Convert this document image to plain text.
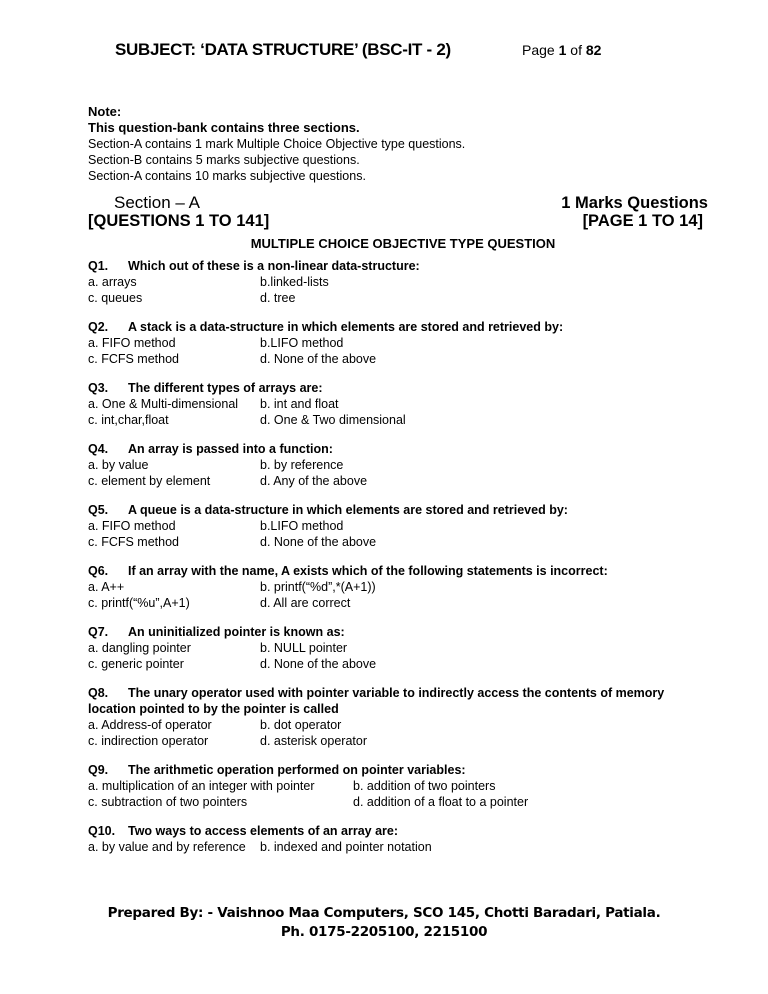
SUBJECT: ‘DATA STRUCTURE’ (BSC-IT - 2)	Page 1 of 82
Note:
This question-bank contains three sections.
Section-A contains 1 mark Multiple Choice Objective type questions.
Section-B contains 5 marks subjective questions.
Section-A contains 10 marks subjective questions.
Section – A
[QUESTIONS 1 TO 141]
1 Marks Questions
[PAGE 1 TO 14]
MULTIPLE CHOICE OBJECTIVE TYPE QUESTION
Q1. Which out of these is a non-linear data-structure:
a. arrays	b.linked-lists
c. queues	d. tree
Q2. A stack is a data-structure in which elements are stored and retrieved by:
a. FIFO method	b.LIFO method
c. FCFS method	d. None of the above
Q3. The different types of arrays are:
a. One & Multi-dimensional	b. int and float
c. int,char,float	d. One & Two dimensional
Q4. An array is passed into a function:
a. by value	b. by reference
c. element by element	d. Any of the above
Q5. A queue is a data-structure in which elements are stored and retrieved by:
a. FIFO method	b.LIFO method
c. FCFS method	d. None of the above
Q6. If an array with the name, A exists which of the following statements is incorrect:
a. A++	b. printf(“%d”,*(A+1))
c. printf(“%u”,A+1)	d. All are correct
Q7. An uninitialized pointer is known as:
a. dangling pointer	b. NULL pointer
c. generic pointer	d. None of the above
Q8. The unary operator used with pointer variable to indirectly access the contents of memory location pointed to by the pointer is called
a. Address-of operator	b. dot operator
c. indirection operator	d. asterisk operator
Q9. The arithmetic operation performed on pointer variables:
a. multiplication of an integer with pointer	b. addition of two pointers
c. subtraction of two pointers	d. addition of a float to a pointer
Q10. Two ways to access elements of an array are:
a. by value and by reference	b. indexed and pointer notation
Prepared By: - Vaishnoo Maa Computers, SCO 145, Chotti Baradari, Patiala.
Ph. 0175-2205100, 2215100
